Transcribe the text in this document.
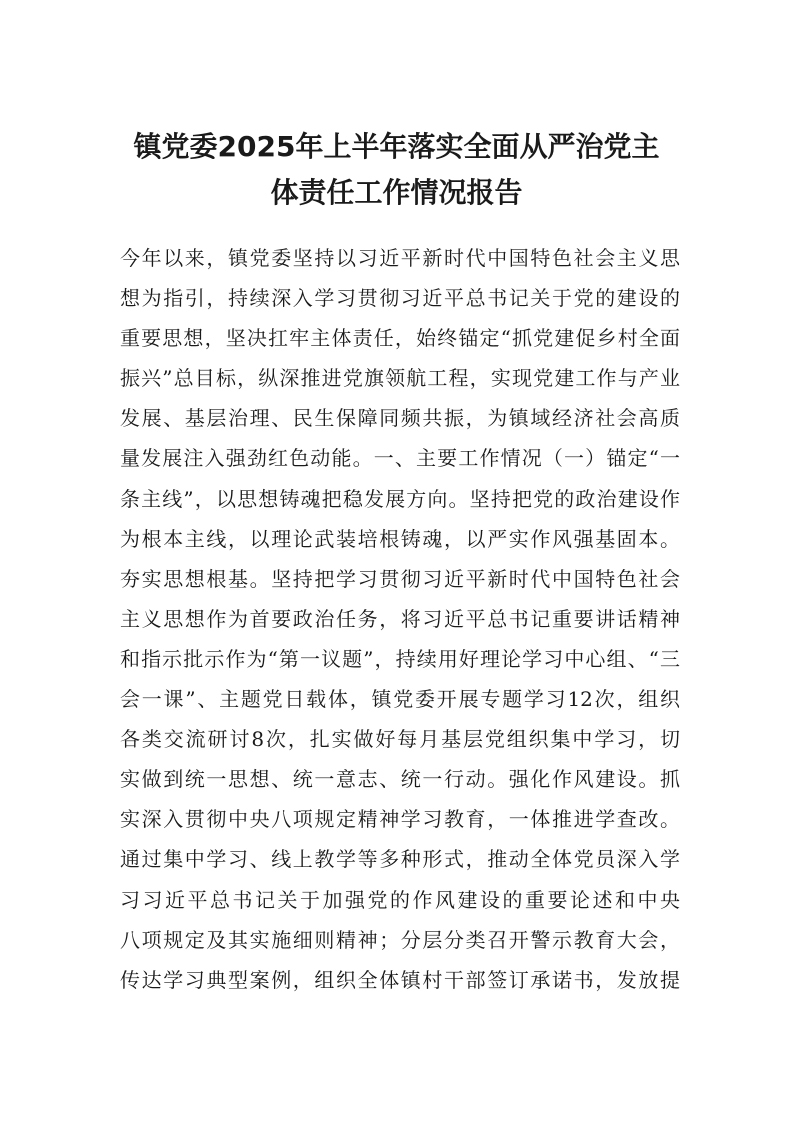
镇党委2025年上半年落实全面从严治党主
体责任工作情况报告
今年以来，镇党委坚持以习近平新时代中国特色社会主义思
想为指引，持续深入学习贯彻习近平总书记关于党的建设的
重要思想，坚决扛牢主体责任，始终锚定“抓党建促乡村全面
振兴”总目标，纵深推进党旗领航工程，实现党建工作与产业
发展、基层治理、民生保障同频共振，为镇域经济社会高质
量发展注入强劲红色动能。一、主要工作情况（一）锚定“一
条主线”，以思想铸魂把稳发展方向。坚持把党的政治建设作
为根本主线，以理论武装培根铸魂，以严实作风强基固本。
夯实思想根基。坚持把学习贯彻习近平新时代中国特色社会
主义思想作为首要政治任务，将习近平总书记重要讲话精神
和指示批示作为“第一议题”，持续用好理论学习中心组、“三
会一课”、主题党日载体，镇党委开展专题学习12次，组织
各类交流研讨8次，扎实做好每月基层党组织集中学习，切
实做到统一思想、统一意志、统一行动。强化作风建设。抓
实深入贯彻中央八项规定精神学习教育，一体推进学查改。
通过集中学习、线上教学等多种形式，推动全体党员深入学
习习近平总书记关于加强党的作风建设的重要论述和中央
八项规定及其实施细则精神；分层分类召开警示教育大会，
传达学习典型案例，组织全体镇村干部签订承诺书，发放提
